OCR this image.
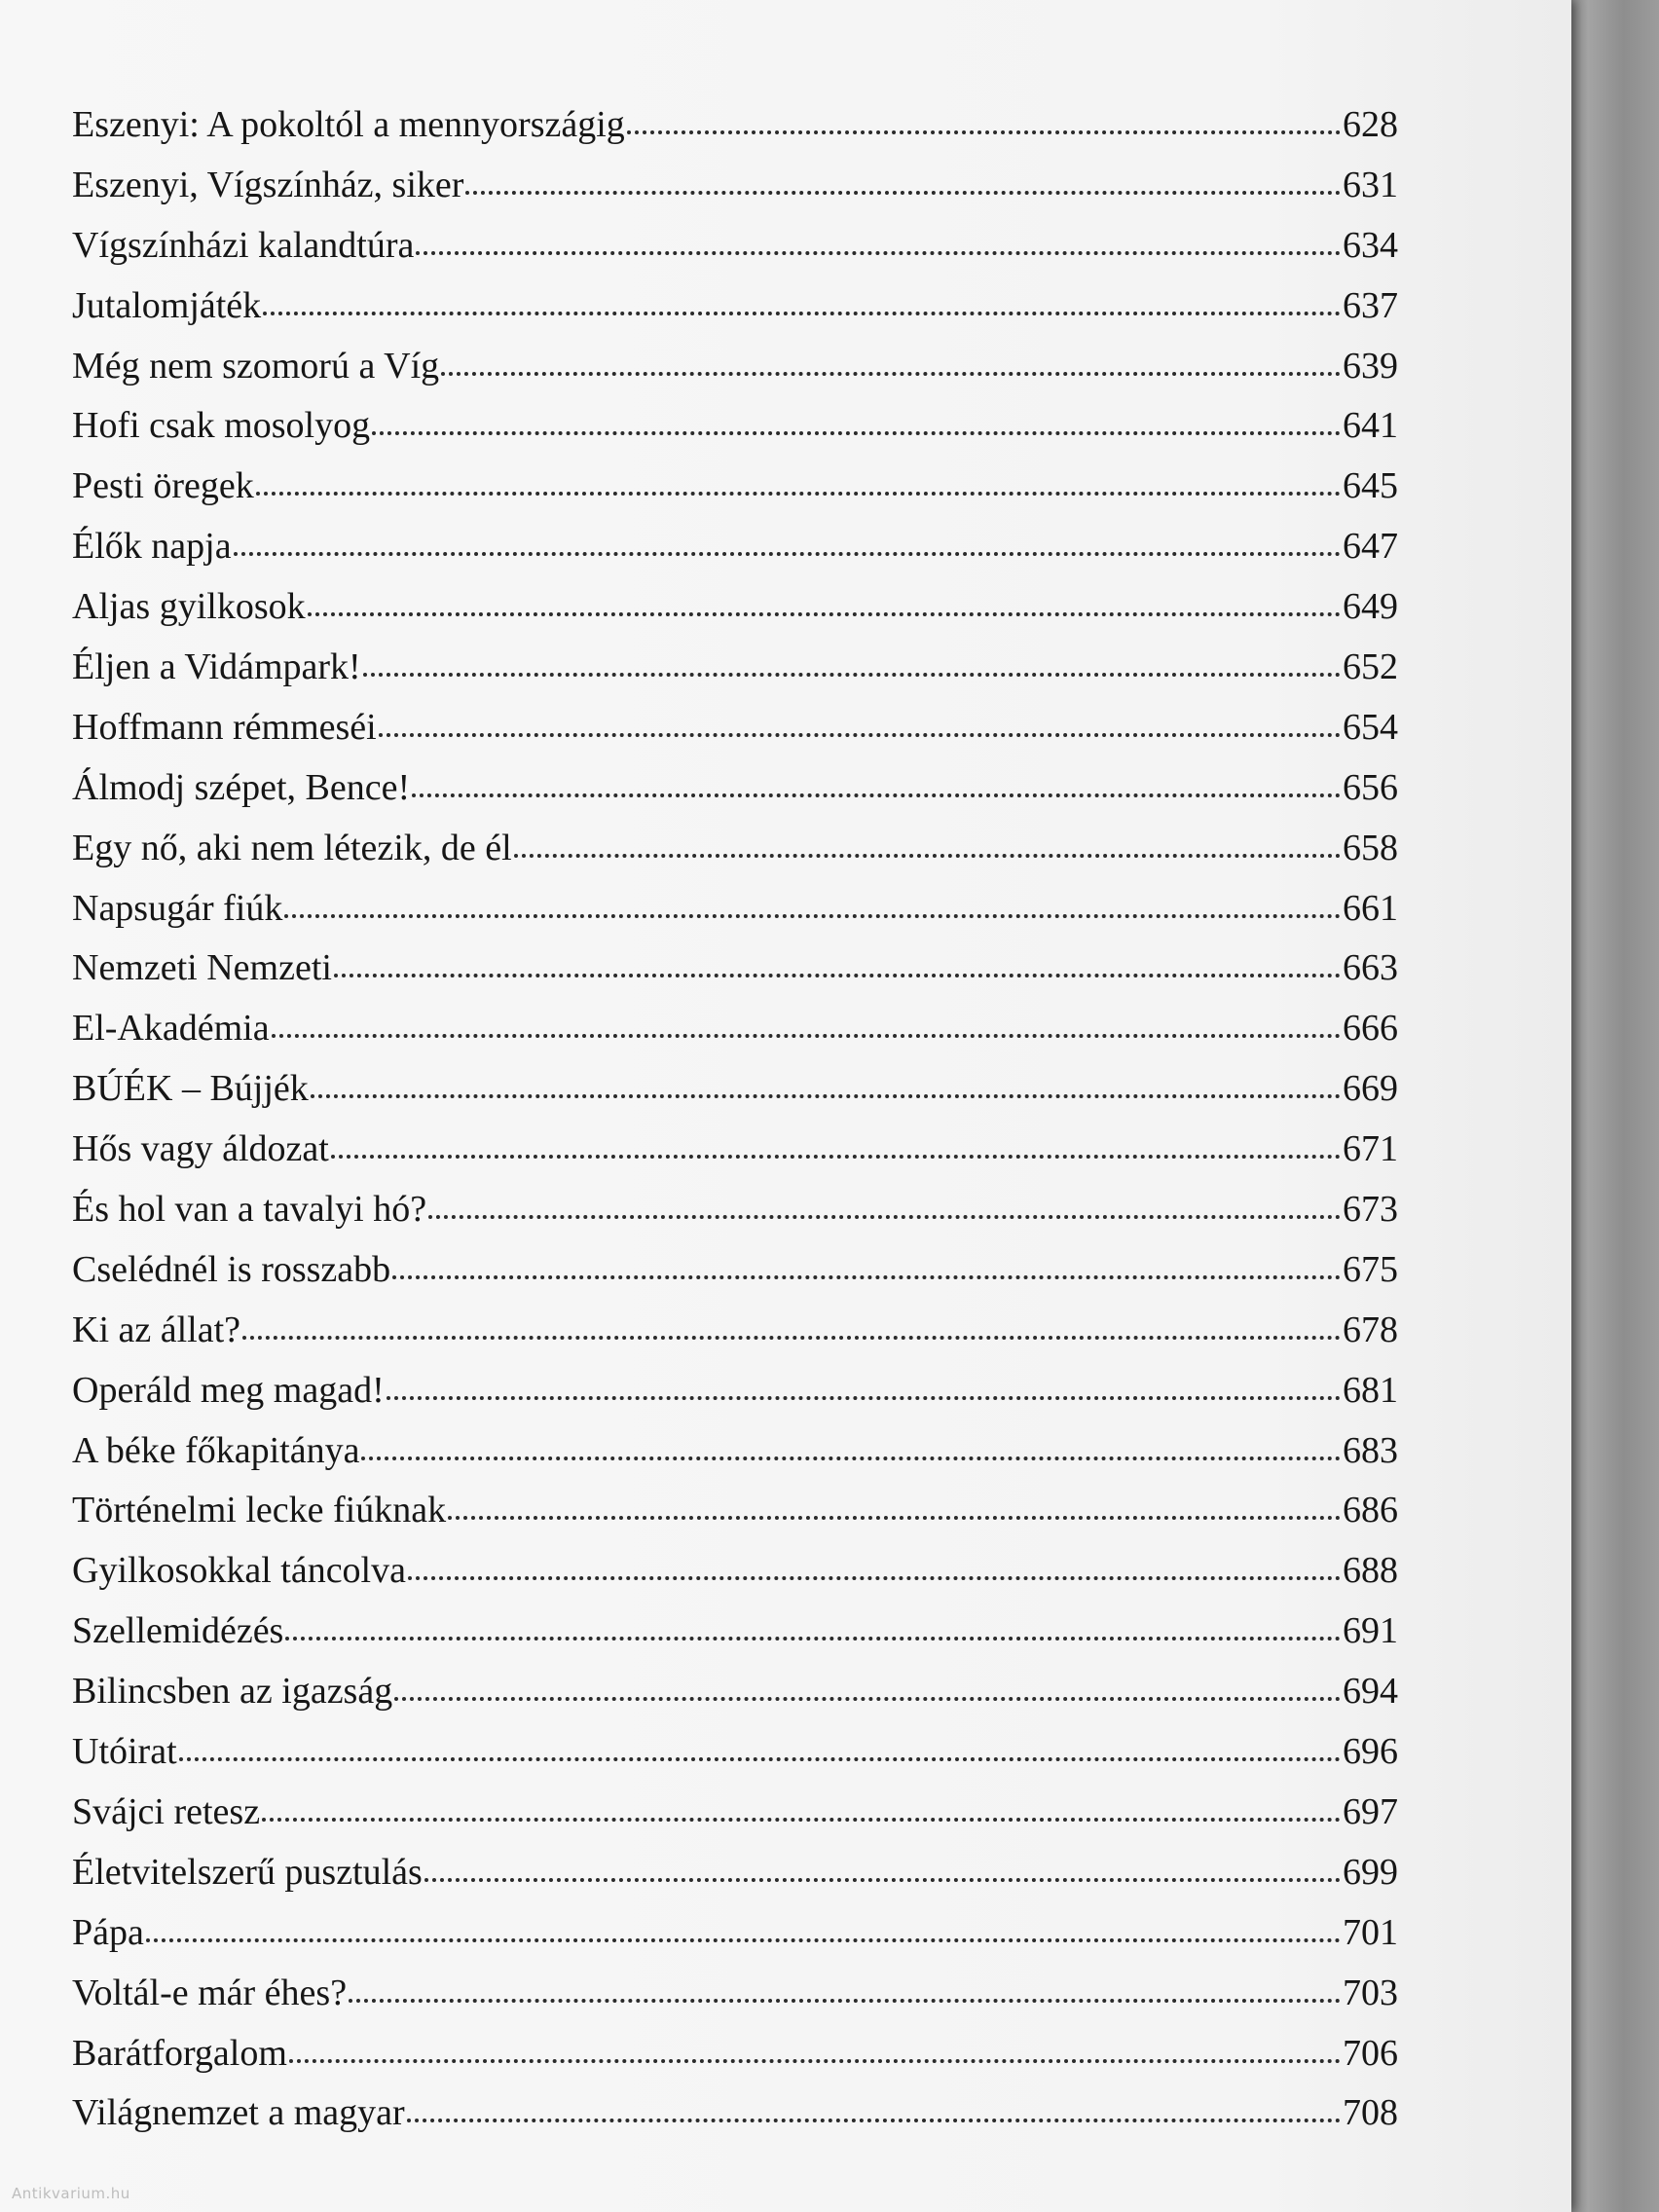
Eszenyi: A pokoltól a mennyországig	628
Eszenyi, Vígszínház, siker	631
Vígszínházi kalandtúra	634
Jutalomjáték	637
Még nem szomorú a Víg	639
Hofi csak mosolyog	641
Pesti öregek	645
Élők napja	647
Aljas gyilkosok	649
Éljen a Vidámpark!	652
Hoffmann rémmeséi	654
Álmodj szépet, Bence!	656
Egy nő, aki nem létezik, de él	658
Napsugár fiúk	661
Nemzeti Nemzeti	663
El-Akadémia	666
BÚÉK – Bújjék	669
Hős vagy áldozat	671
És hol van a tavalyi hó?	673
Cselédnél is rosszabb	675
Ki az állat?	678
Operáld meg magad!	681
A béke főkapitánya	683
Történelmi lecke fiúknak	686
Gyilkosokkal táncolva	688
Szellemidézés	691
Bilincsben az igazság	694
Utóirat	696
Svájci retesz	697
Életvitelszerű pusztulás	699
Pápa	701
Voltál-e már éhes?	703
Barátforgalom	706
Világnemzet a magyar	708
Antikvarium.hu
